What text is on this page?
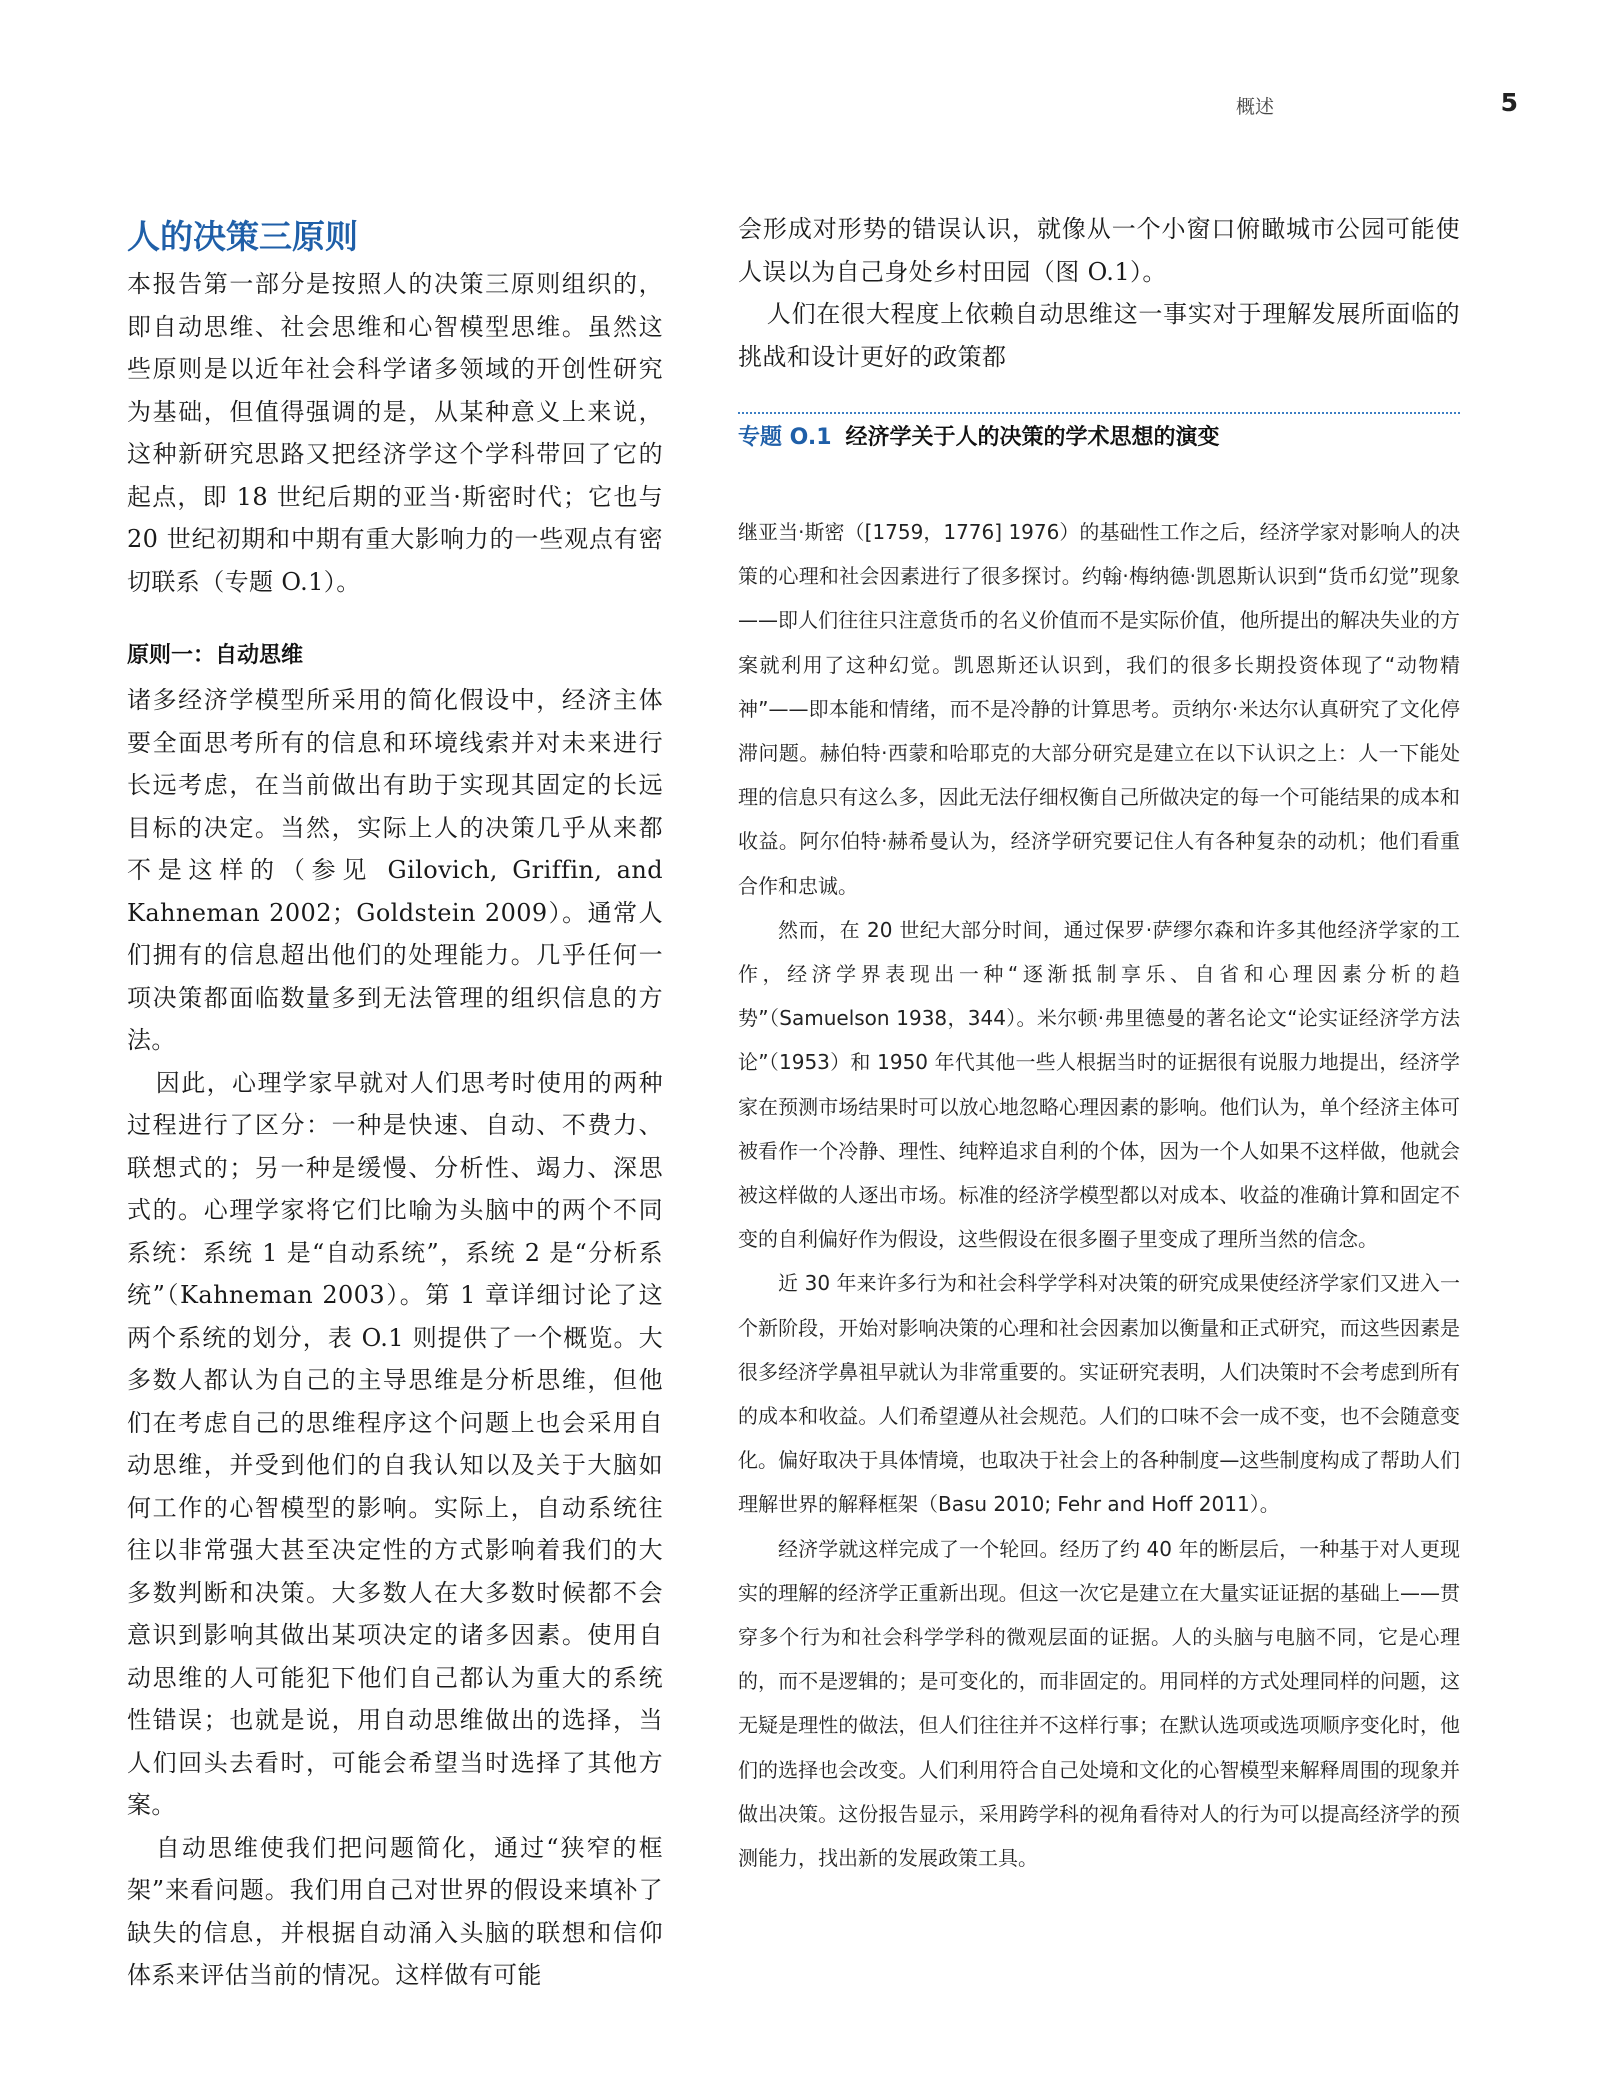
概述	5
人的决策三原则

本报告第一部分是按照人的决策三原则组织的，即自动思维、社会思维和心智模型思维。虽然这些原则是以近年社会科学诸多领域的开创性研究为基础，但值得强调的是，从某种意义上来说，这种新研究思路又把经济学这个学科带回了它的起点，即 18 世纪后期的亚当·斯密时代；它也与 20 世纪初期和中期有重大影响力的一些观点有密切联系（专题 O.1）。

原则一：自动思维

诸多经济学模型所采用的简化假设中，经济主体要全面思考所有的信息和环境线索并对未来进行长远考虑，在当前做出有助于实现其固定的长远目标的决定。当然，实际上人的决策几乎从来都不是这样的（参见 Gilovich, Griffin, and Kahneman 2002；Goldstein 2009）。通常人们拥有的信息超出他们的处理能力。几乎任何一项决策都面临数量多到无法管理的组织信息的方法。

因此，心理学家早就对人们思考时使用的两种过程进行了区分：一种是快速、自动、不费力、联想式的；另一种是缓慢、分析性、竭力、深思式的。心理学家将它们比喻为头脑中的两个不同系统：系统 1 是“自动系统”，系统 2 是“分析系统”（Kahneman 2003）。第 1 章详细讨论了这两个系统的划分，表 O.1 则提供了一个概览。大多数人都认为自己的主导思维是分析思维，但他们在考虑自己的思维程序这个问题上也会采用自动思维，并受到他们的自我认知以及关于大脑如何工作的心智模型的影响。实际上，自动系统往往以非常强大甚至决定性的方式影响着我们的大多数判断和决策。大多数人在大多数时候都不会意识到影响其做出某项决定的诸多因素。使用自动思维的人可能犯下他们自己都认为重大的系统性错误；也就是说，用自动思维做出的选择，当人们回头去看时，可能会希望当时选择了其他方案。

自动思维使我们把问题简化，通过“狭窄的框架”来看问题。我们用自己对世界的假设来填补了缺失的信息，并根据自动涌入头脑的联想和信仰体系来评估当前的情况。这样做有可能

会形成对形势的错误认识，就像从一个小窗口俯瞰城市公园可能使人误以为自己身处乡村田园（图 O.1）。

人们在很大程度上依赖自动思维这一事实对于理解发展所面临的挑战和设计更好的政策都

专题 O.1 经济学关于人的决策的学术思想的演变

继亚当·斯密（[1759，1776] 1976）的基础性工作之后，经济学家对影响人的决策的心理和社会因素进行了很多探讨。约翰·梅纳德·凯恩斯认识到“货币幻觉”现象——即人们往往只注意货币的名义价值而不是实际价值，他所提出的解决失业的方案就利用了这种幻觉。凯恩斯还认识到，我们的很多长期投资体现了“动物精神”——即本能和情绪，而不是冷静的计算思考。贡纳尔·米达尔认真研究了文化停滞问题。赫伯特·西蒙和哈耶克的大部分研究是建立在以下认识之上：人一下能处理的信息只有这么多，因此无法仔细权衡自己所做决定的每一个可能结果的成本和收益。阿尔伯特·赫希曼认为，经济学研究要记住人有各种复杂的动机；他们看重合作和忠诚。

然而，在 20 世纪大部分时间，通过保罗·萨缪尔森和许多其他经济学家的工作，经济学界表现出一种“逐渐抵制享乐、自省和心理因素分析的趋势”（Samuelson 1938，344）。米尔顿·弗里德曼的著名论文“论实证经济学方法论”（1953）和 1950 年代其他一些人根据当时的证据很有说服力地提出，经济学家在预测市场结果时可以放心地忽略心理因素的影响。他们认为，单个经济主体可被看作一个冷静、理性、纯粹追求自利的个体，因为一个人如果不这样做，他就会被这样做的人逐出市场。标准的经济学模型都以对成本、收益的准确计算和固定不变的自利偏好作为假设，这些假设在很多圈子里变成了理所当然的信念。

近 30 年来许多行为和社会科学学科对决策的研究成果使经济学家们又进入一个新阶段，开始对影响决策的心理和社会因素加以衡量和正式研究，而这些因素是很多经济学鼻祖早就认为非常重要的。实证研究表明，人们决策时不会考虑到所有的成本和收益。人们希望遵从社会规范。人们的口味不会一成不变，也不会随意变化。偏好取决于具体情境，也取决于社会上的各种制度—这些制度构成了帮助人们理解世界的解释框架（Basu 2010; Fehr and Hoff 2011）。

经济学就这样完成了一个轮回。经历了约 40 年的断层后，一种基于对人更现实的理解的经济学正重新出现。但这一次它是建立在大量实证证据的基础上——贯穿多个行为和社会科学学科的微观层面的证据。人的头脑与电脑不同，它是心理的，而不是逻辑的；是可变化的，而非固定的。用同样的方式处理同样的问题，这无疑是理性的做法，但人们往往并不这样行事；在默认选项或选项顺序变化时，他们的选择也会改变。人们利用符合自己处境和文化的心智模型来解释周围的现象并做出决策。这份报告显示，采用跨学科的视角看待对人的行为可以提高经济学的预测能力，找出新的发展政策工具。
